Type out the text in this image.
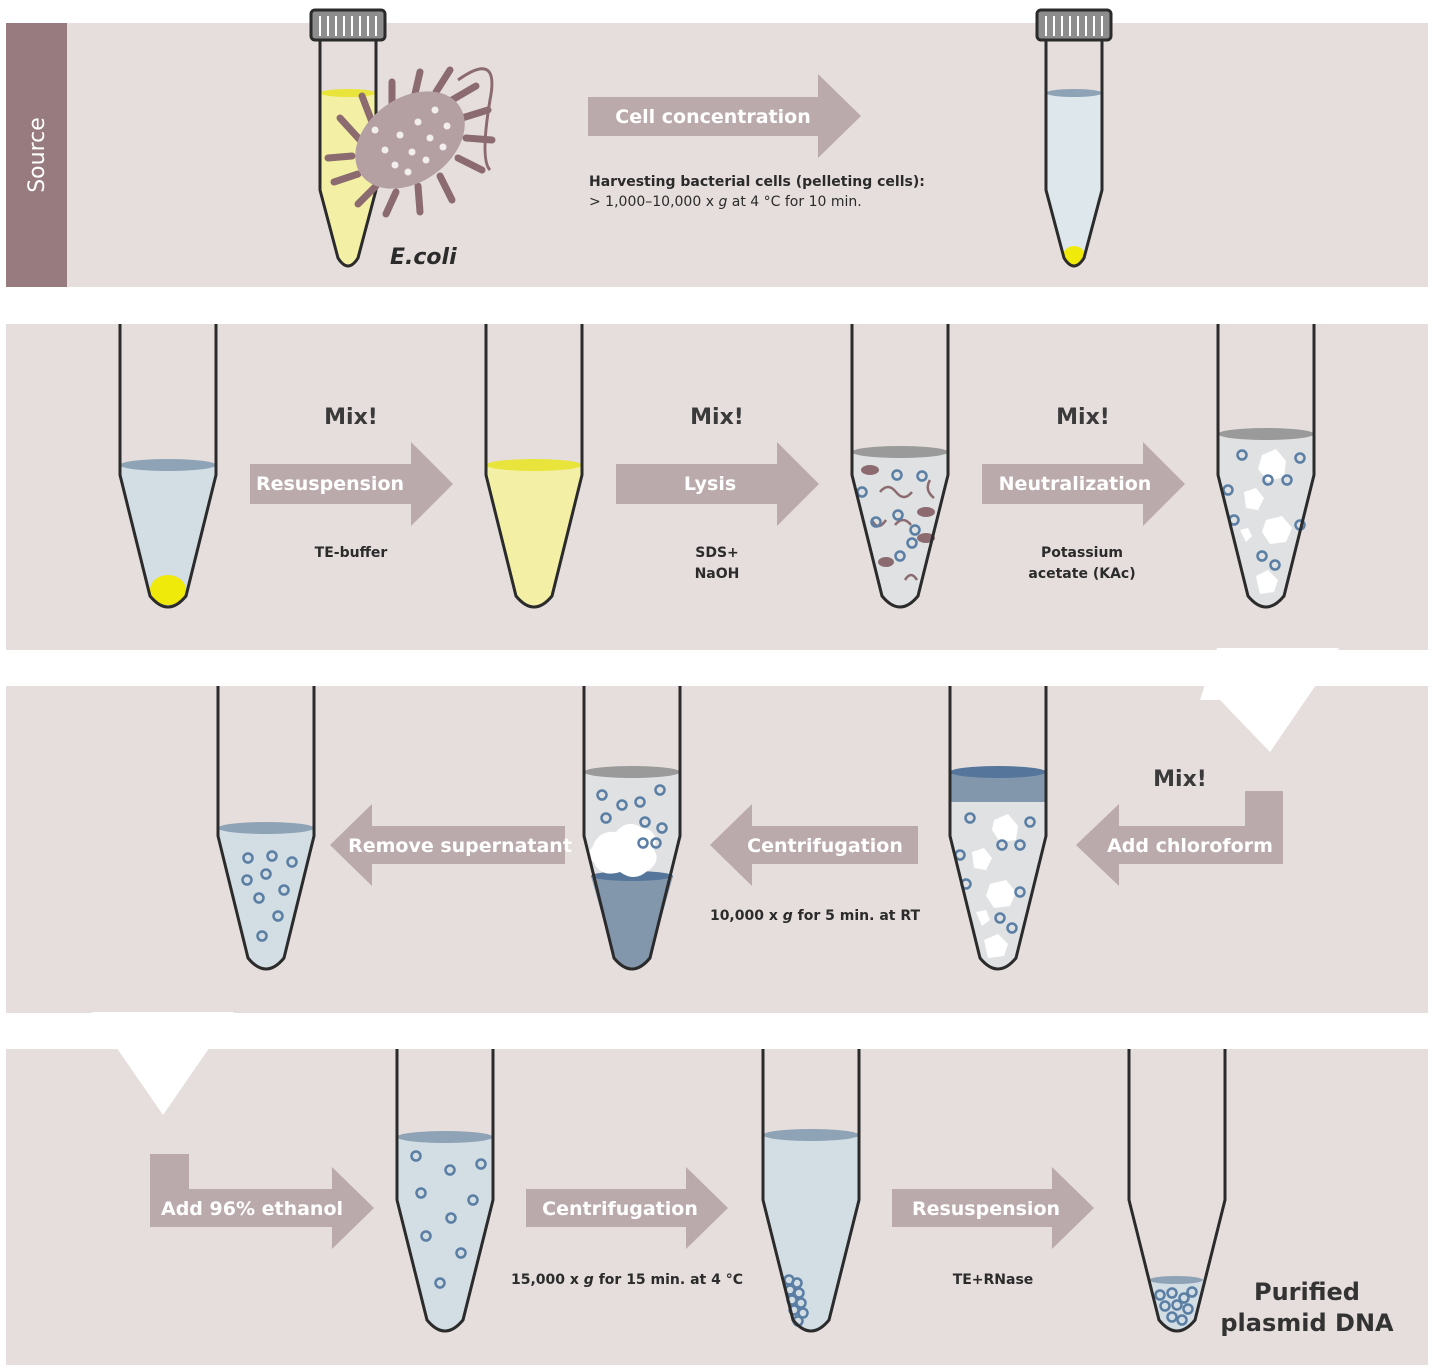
Source
E.coli
Cell concentration
Harvesting bacterial cells (pelleting cells):
> 1,000–10,000 x g at 4 °C for 10 min.
Mix!
Resuspension
TE-buffer
Mix!
Lysis
SDS+
NaOH
Mix!
Neutralization
Potassium
acetate (KAc)
Mix!
Add chloroform
Centrifugation
10,000 x g for 5 min. at RT
Remove supernatant
Add 96% ethanol	Centrifugation
15,000 x g for 15 min. at 4 °C
Resuspension
TE+RNase	Purified
plasmid DNA
